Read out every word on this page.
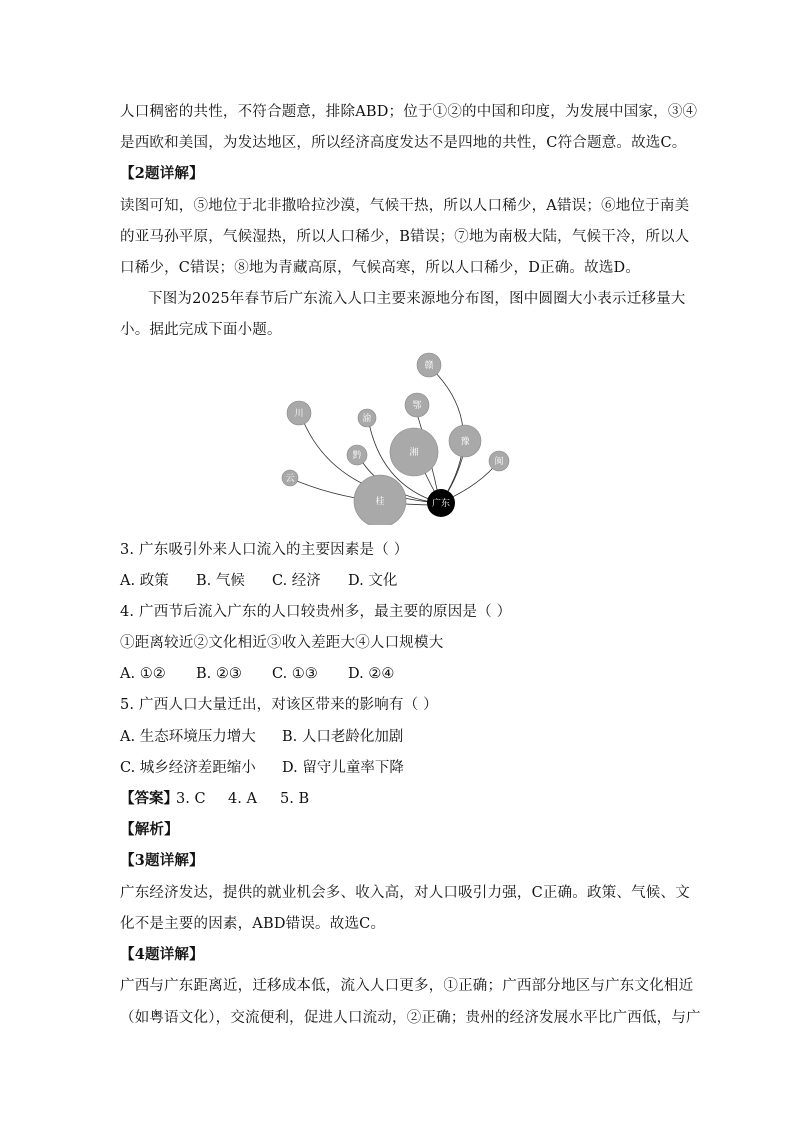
人口稠密的共性，不符合题意，排除ABD；位于①②的中国和印度，为发展中国家，③④
是西欧和美国，为发达地区，所以经济高度发达不是四地的共性，C符合题意。故选C。
【2题详解】
读图可知，⑤地位于北非撒哈拉沙漠，气候干热，所以人口稀少，A错误；⑥地位于南美
的亚马孙平原，气候湿热，所以人口稀少，B错误；⑦地为南极大陆，气候干冷，所以人
口稀少，C错误；⑧地为青藏高原，气候高寒，所以人口稀少，D正确。故选D。
下图为2025年春节后广东流入人口主要来源地分布图，图中圆圈大小表示迁移量大
小。据此完成下面小题。
川	渝
赣
鄂
湘
豫
黔
闽
云
桂	广东
3. 广东吸引外来人口流入的主要因素是（ ）
A. 政策 B. 气候 C. 经济 D. 文化
4. 广西节后流入广东的人口较贵州多，最主要的原因是（ ）
①距离较近②文化相近③收入差距大④人口规模大
A. ①② B. ②③ C. ①③ D. ②④
5. 广西人口大量迁出，对该区带来的影响有（ ）
A. 生态环境压力增大 B. 人口老龄化加剧
C. 城乡经济差距缩小 D. 留守儿童率下降
【答案】
3. C 4. A 5. B
【解析】
【3题详解】
广东经济发达，提供的就业机会多、收入高，对人口吸引力强，C正确。政策、气候、文
化不是主要的因素，ABD错误。故选C。
【4题详解】
广西与广东距离近，迁移成本低，流入人口更多，①正确；广西部分地区与广东文化相近
（如粤语文化），交流便利，促进人口流动，②正确；贵州的经济发展水平比广西低，与广
